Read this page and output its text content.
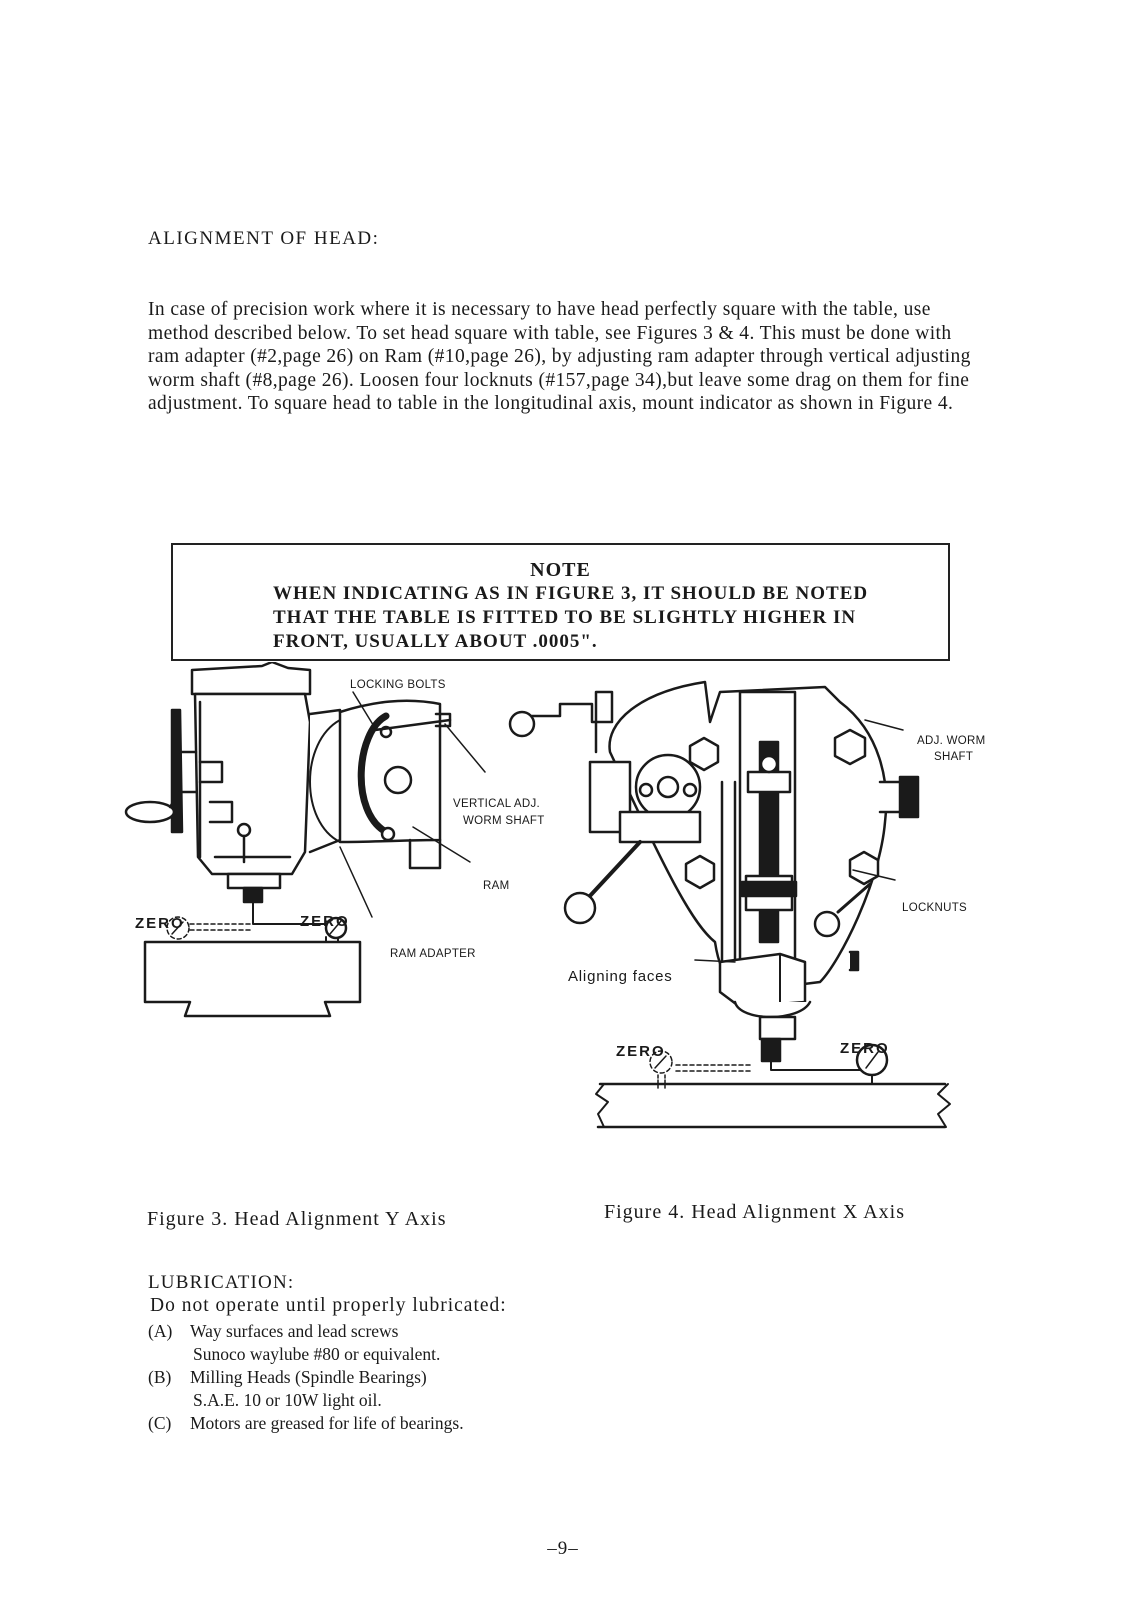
ALIGNMENT OF HEAD:
In case of precision work where it is necessary to have head perfectly square with the table, use method described below. To set head square with table, see Figures 3 & 4. This must be done with ram adapter (#2,page 26) on Ram (#10,page 26), by adjusting ram adapter through vertical adjusting worm shaft (#8,page 26). Loosen four locknuts (#157,page 34),but leave some drag on them for fine adjustment. To square head to table in the longitudinal axis, mount indicator as shown in Figure 4.
NOTE
WHEN INDICATING AS IN FIGURE 3, IT SHOULD BE NOTED THAT THE TABLE IS FITTED TO BE SLIGHTLY HIGHER IN FRONT, USUALLY ABOUT .0005".
LOCKING BOLTS
VERTICAL ADJ.
WORM SHAFT
RAM
RAM ADAPTER
ZERO	ZERO
ADJ. WORM
SHAFT
LOCKNUTS
Aligning faces
ZERO	ZERO
Figure 3. Head Alignment Y Axis	Figure 4. Head Alignment X Axis
LUBRICATION:
Do not operate until properly lubricated:
(A) Way surfaces and lead screws
Sunoco waylube #80 or equivalent.
(B) Milling Heads (Spindle Bearings)
S.A.E. 10 or 10W light oil.
(C) Motors are greased for life of bearings.
–9–
